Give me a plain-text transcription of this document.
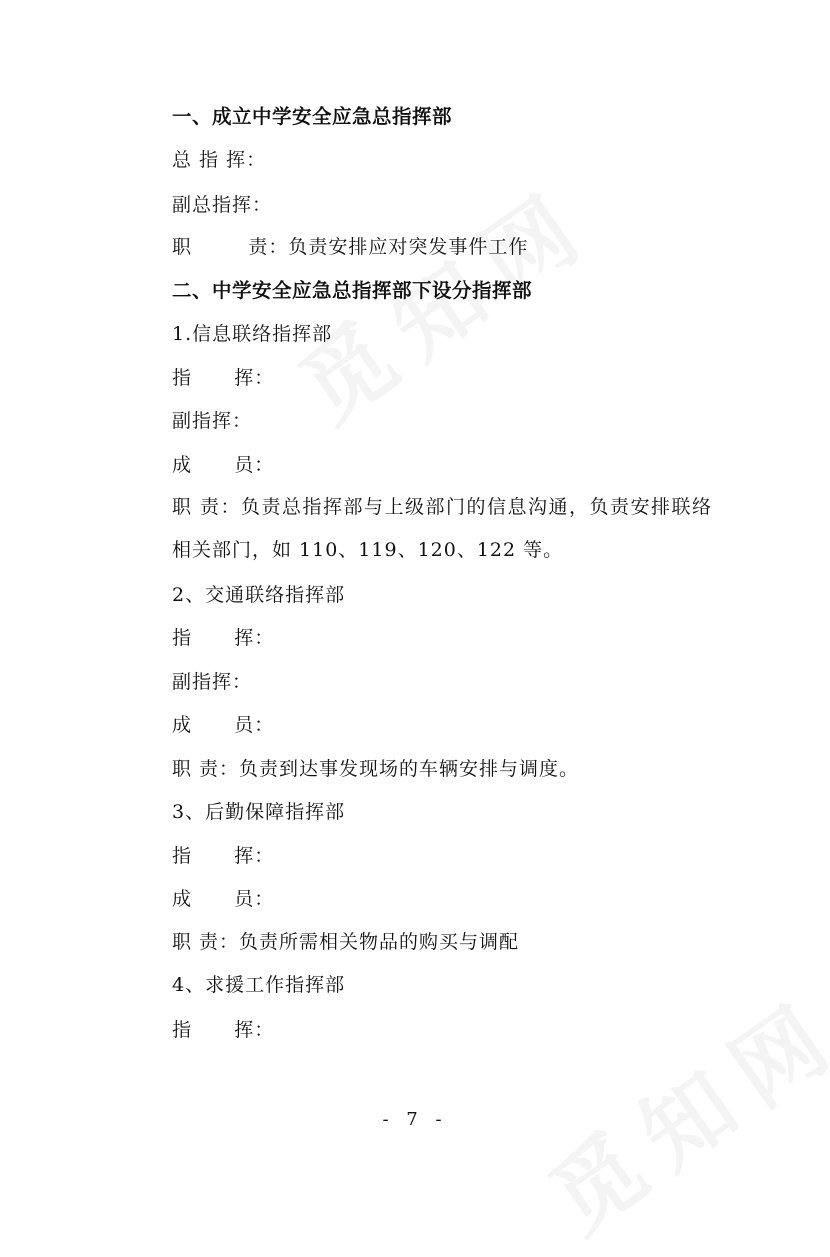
一、成立中学安全应急总指挥部
总 指 挥：
副总指挥：
职        责：负责安排应对突发事件工作
二、中学安全应急总指挥部下设分指挥部
1.信息联络指挥部
指      挥：
副指挥：
成      员：
职 责：负责总指挥部与上级部门的信息沟通，负责安排联络相关部门，如 110、119、120、122 等。
2、交通联络指挥部
指      挥：
副指挥：
成      员：
职 责：负责到达事发现场的车辆安排与调度。
3、后勤保障指挥部
指      挥：
成      员：
职 责：负责所需相关物品的购买与调配
4、求援工作指挥部
指      挥：
- 7 -
